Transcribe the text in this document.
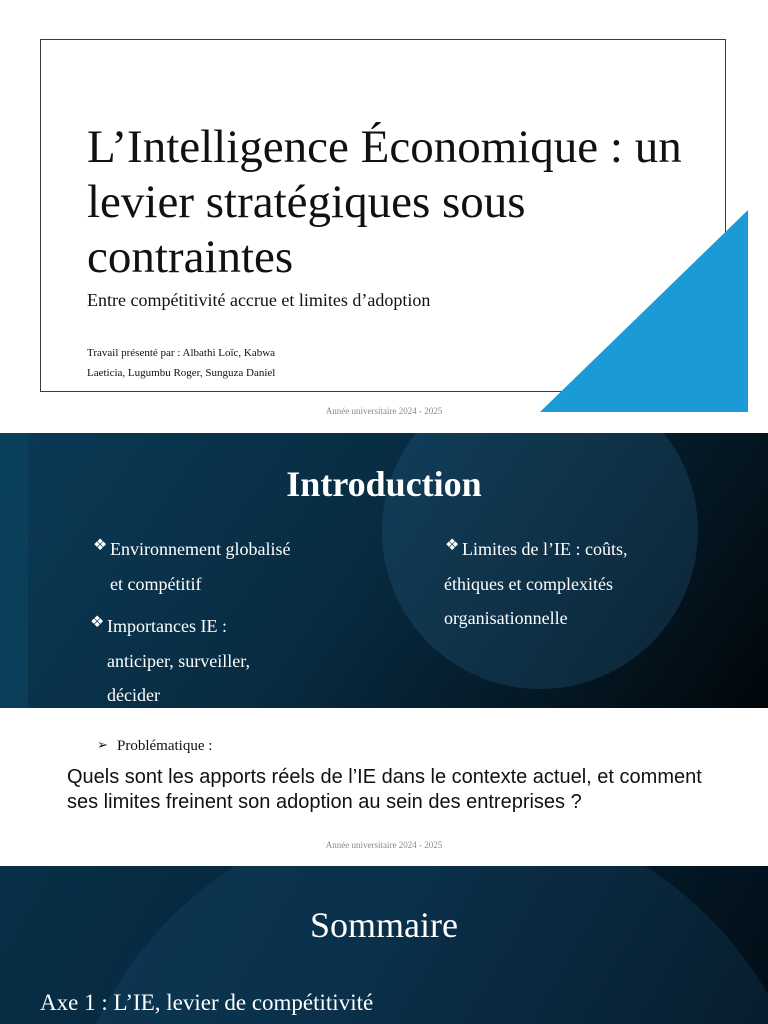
L’Intelligence Économique : un levier stratégiques sous contraintes

Entre compétitivité accrue et limites d’adoption

Travail présenté par : Albathi Loïc, Kabwa Laeticia, Lugumbu Roger, Sunguza Daniel
Année universitaire 2024 - 2025
Introduction
❖ Environnement globalisé
et compétitif
❖ Importances IE : anticiper, surveiller, décider
❖ Limites de l’IE : coûts,
éthiques et complexités organisationnelle
➢ Problématique :

Quels sont les apports réels de l’IE dans le contexte actuel, et comment ses limites freinent son adoption au sein des entreprises ?

Année universitaire 2024 - 2025
Sommaire
Axe 1 : L’IE, levier de compétitivité
